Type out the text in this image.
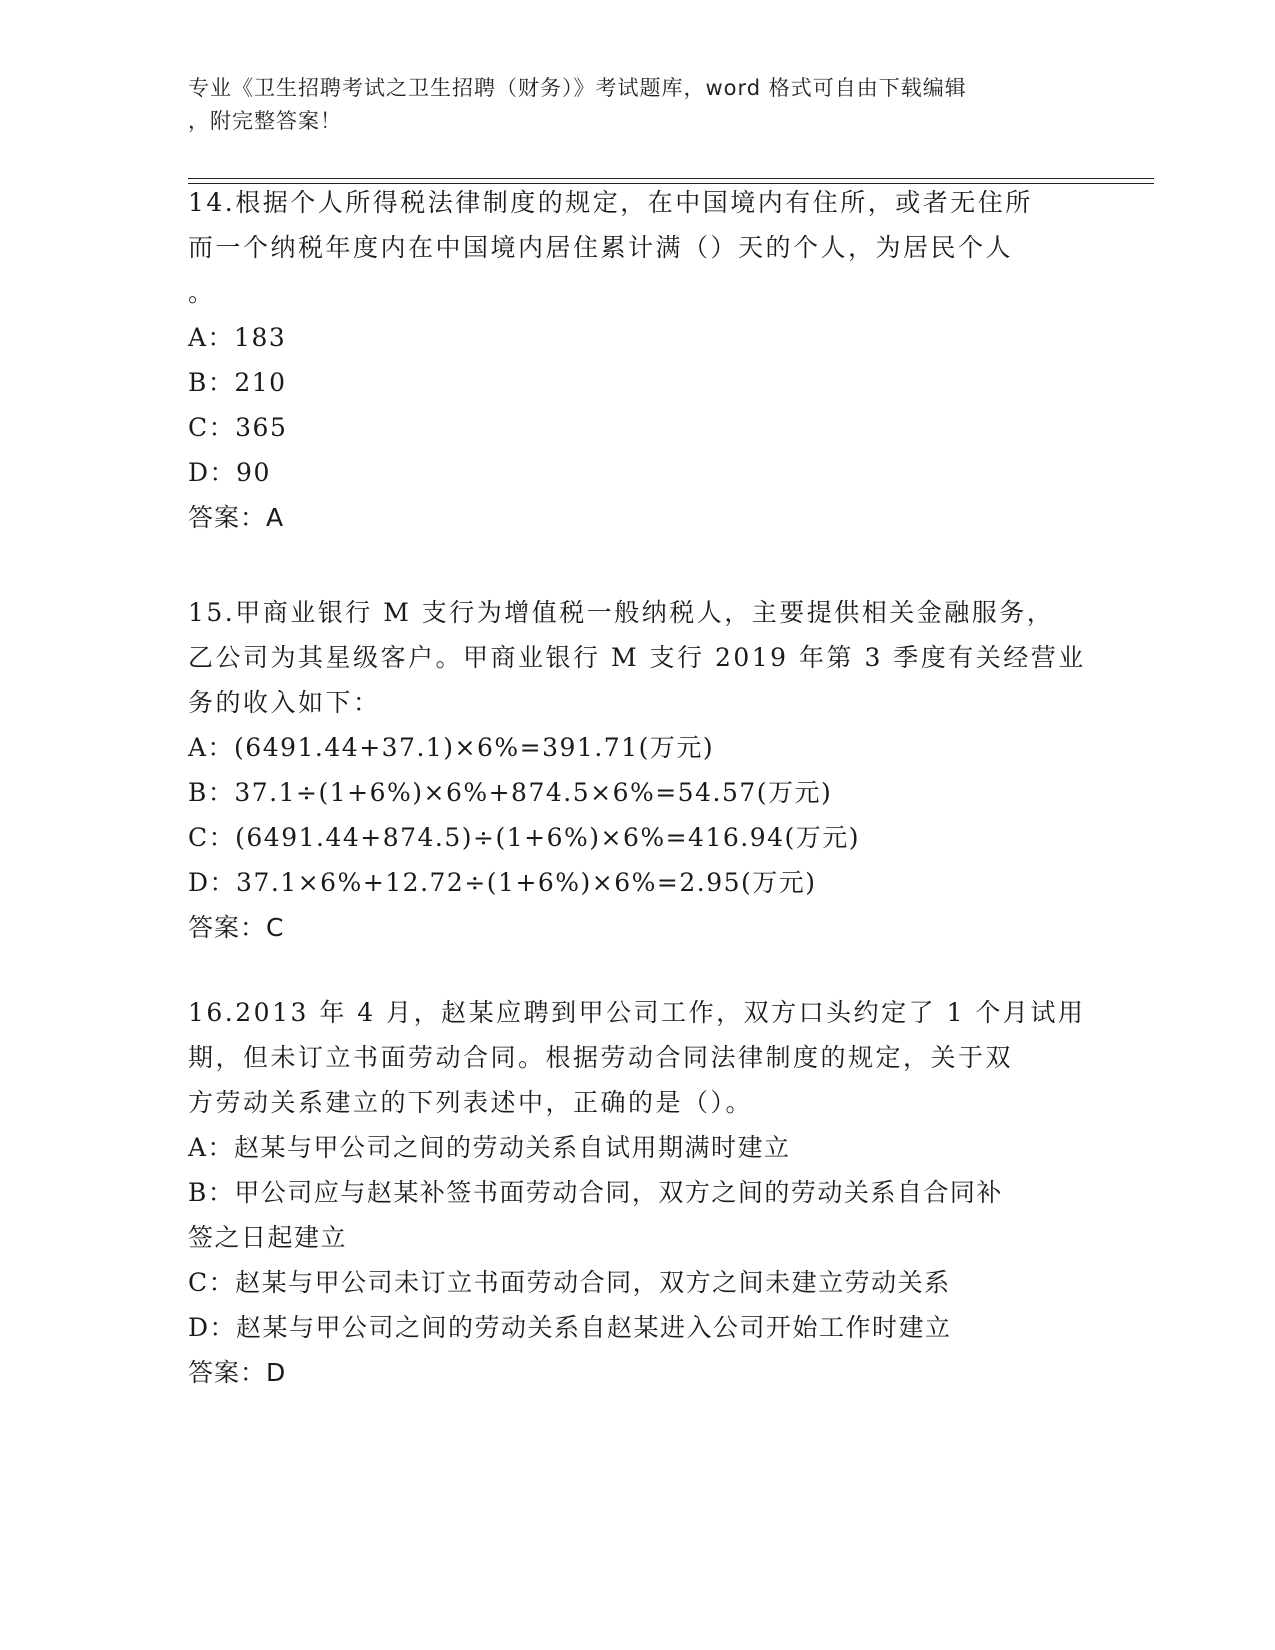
专业《卫生招聘考试之卫生招聘（财务）》考试题库，word 格式可自由下载编辑
，附完整答案！

14.根据个人所得税法律制度的规定，在中国境内有住所，或者无住所

而一个纳税年度内在中国境内居住累计满（）天的个人，为居民个人

。

A：183

B：210

C：365

D：90

答案：A

15.甲商业银行 M 支行为增值税一般纳税人，主要提供相关金融服务，

乙公司为其星级客户。甲商业银行 M 支行 2019 年第 3 季度有关经营业

务的收入如下：

A：(6491.44+37.1)×6%=391.71(万元)

B：37.1÷(1+6%)×6%+874.5×6%=54.57(万元)

C：(6491.44+874.5)÷(1+6%)×6%=416.94(万元)

D：37.1×6%+12.72÷(1+6%)×6%=2.95(万元)

答案：C

16.2013 年 4 月，赵某应聘到甲公司工作，双方口头约定了 1 个月试用

期，但未订立书面劳动合同。根据劳动合同法律制度的规定，关于双

方劳动关系建立的下列表述中，正确的是（）。

A：赵某与甲公司之间的劳动关系自试用期满时建立

B：甲公司应与赵某补签书面劳动合同，双方之间的劳动关系自合同补

签之日起建立

C：赵某与甲公司未订立书面劳动合同，双方之间未建立劳动关系

D：赵某与甲公司之间的劳动关系自赵某进入公司开始工作时建立

答案：D
